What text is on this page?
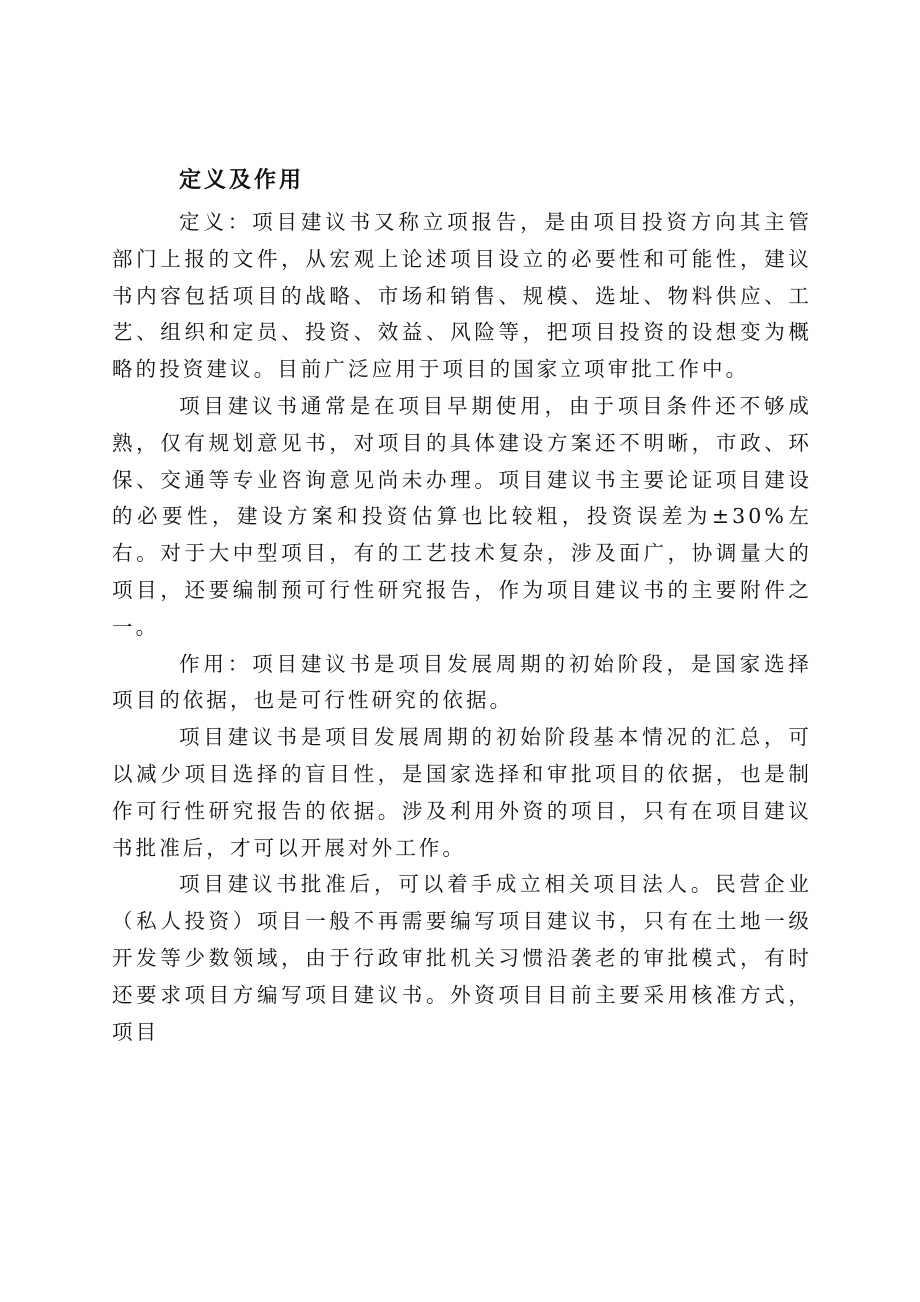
定义及作用

定义：项目建议书又称立项报告，是由项目投资方向其主管部门上报的文件，从宏观上论述项目设立的必要性和可能性，建议书内容包括项目的战略、市场和销售、规模、选址、物料供应、工艺、组织和定员、投资、效益、风险等，把项目投资的设想变为概略的投资建议。目前广泛应用于项目的国家立项审批工作中。

项目建议书通常是在项目早期使用，由于项目条件还不够成熟，仅有规划意见书，对项目的具体建设方案还不明晰，市政、环保、交通等专业咨询意见尚未办理。项目建议书主要论证项目建设的必要性，建设方案和投资估算也比较粗，投资误差为±30%左右。对于大中型项目，有的工艺技术复杂，涉及面广，协调量大的项目，还要编制预可行性研究报告，作为项目建议书的主要附件之一。

作用：项目建议书是项目发展周期的初始阶段，是国家选择项目的依据，也是可行性研究的依据。

项目建议书是项目发展周期的初始阶段基本情况的汇总，可以减少项目选择的盲目性，是国家选择和审批项目的依据，也是制作可行性研究报告的依据。涉及利用外资的项目，只有在项目建议书批准后，才可以开展对外工作。

项目建议书批准后，可以着手成立相关项目法人。民营企业（私人投资）项目一般不再需要编写项目建议书，只有在土地一级开发等少数领域，由于行政审批机关习惯沿袭老的审批模式，有时还要求项目方编写项目建议书。外资项目目前主要采用核准方式，项目
